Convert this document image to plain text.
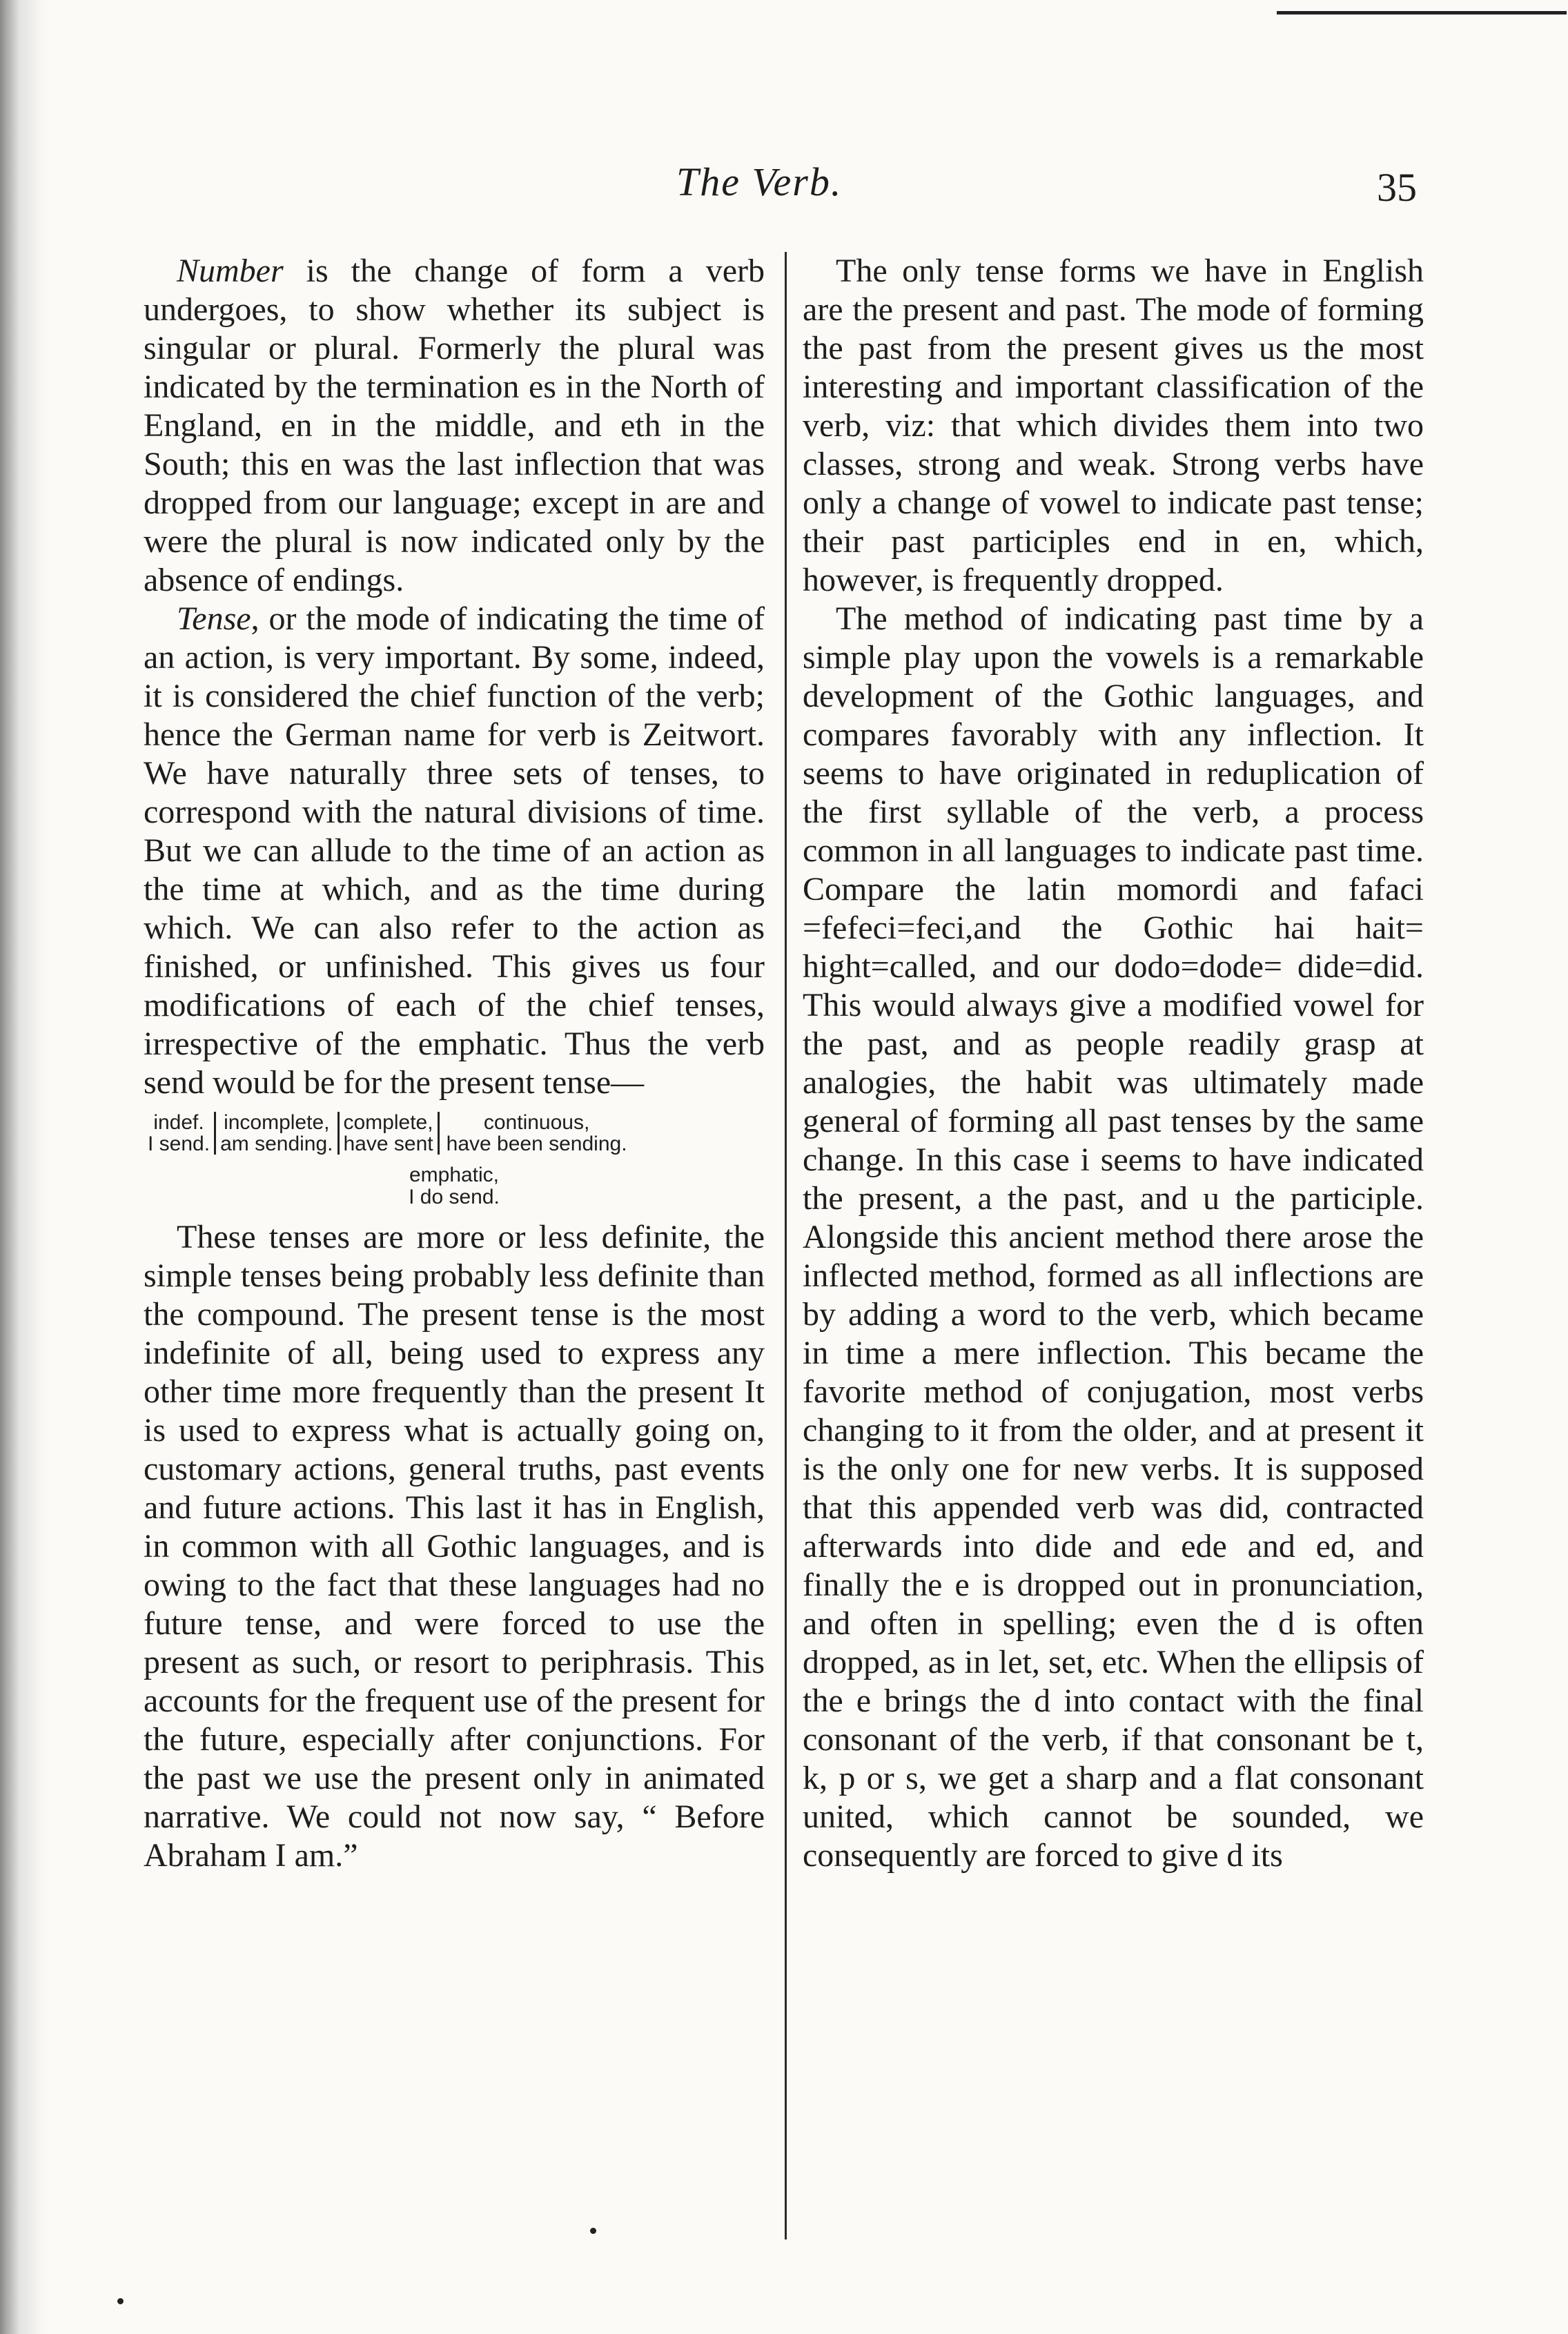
The Verb.	35

Number is the change of form a verb undergoes, to show whether its subject is singular or plural. Formerly the plural was indicated by the termination es in the North of England, en in the middle, and eth in the South; this en was the last inflection that was dropped from our language; except in are and were the plural is now indicated only by the absence of endings.

Tense, or the mode of indicating the time of an action, is very important. By some, indeed, it is considered the chief function of the verb; hence the German name for verb is Zeitwort. We have naturally three sets of tenses, to correspond with the natural divisions of time. But we can allude to the time of an action as the time at which, and as the time during which. We can also refer to the action as finished, or unfinished. This gives us four modifications of each of the chief tenses, irrespective of the emphatic. Thus the verb send would be for the present tense—

indef.
I send.
incomplete,
am sending.
complete,
have sent
continuous,
have been sending.
emphatic,
I do send.

These tenses are more or less definite, the simple tenses being probably less definite than the compound. The present tense is the most indefinite of all, being used to express any other time more frequently than the present It is used to express what is actually going on, customary actions, general truths, past events and future actions. This last it has in English, in common with all Gothic languages, and is owing to the fact that these languages had no future tense, and were forced to use the present as such, or resort to periphrasis. This accounts for the frequent use of the present for the future, especially after conjunctions. For the past we use the present only in animated narrative. We could not now say, “ Before Abraham I am.”

The only tense forms we have in English are the present and past. The mode of forming the past from the present gives us the most interesting and important classification of the verb, viz: that which divides them into two classes, strong and weak. Strong verbs have only a change of vowel to indicate past tense; their past participles end in en, which, however, is frequently dropped.

The method of indicating past time by a simple play upon the vowels is a remarkable development of the Gothic languages, and compares favorably with any inflection. It seems to have originated in reduplication of the first syllable of the verb, a process common in all languages to indicate past time. Compare the latin momordi and fafaci =fefeci=feci,and the Gothic hai hait= hight=called, and our dodo=dode= dide=did. This would always give a modified vowel for the past, and as people readily grasp at analogies, the habit was ultimately made general of forming all past tenses by the same change. In this case i seems to have indicated the present, a the past, and u the participle. Alongside this ancient method there arose the inflected method, formed as all inflections are by adding a word to the verb, which became in time a mere inflection. This became the favorite method of conjugation, most verbs changing to it from the older, and at present it is the only one for new verbs. It is supposed that this appended verb was did, contracted afterwards into dide and ede and ed, and finally the e is dropped out in pronunciation, and often in spelling; even the d is often dropped, as in let, set, etc. When the ellipsis of the e brings the d into contact with the final consonant of the verb, if that consonant be t, k, p or s, we get a sharp and a flat consonant united, which cannot be sounded, we consequently are forced to give d its
